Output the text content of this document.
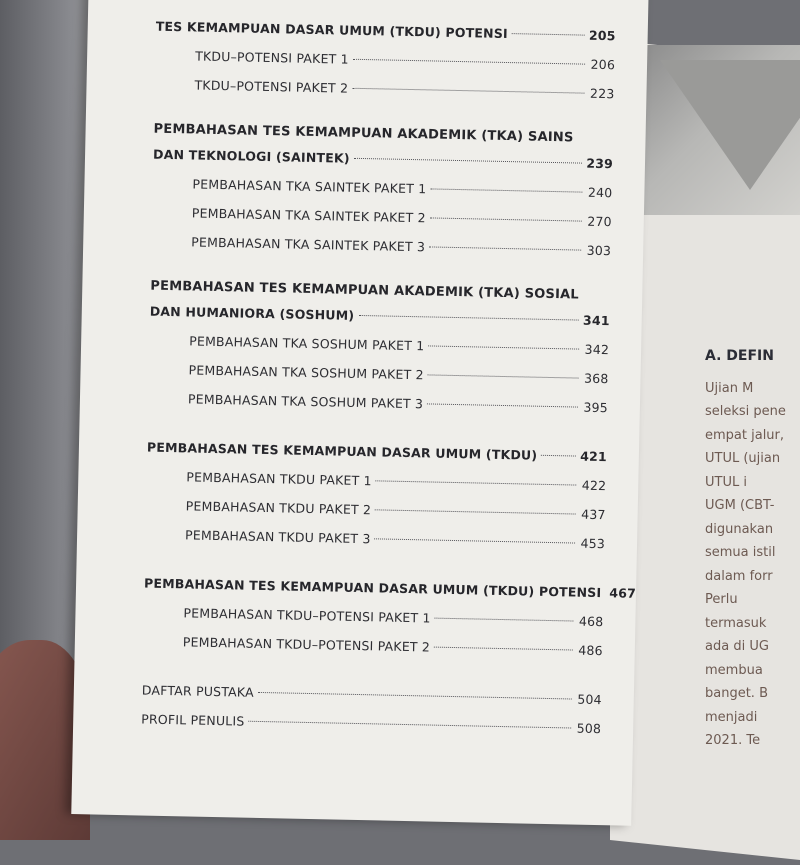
A. DEFIN
Ujian M
seleksi pene
empat jalur,
UTUL (ujian
UTUL i
UGM (CBT-
digunakan
semua istil
dalam forr
Perlu
termasuk
ada di UG
membua
banget. B
menjadi
2021. Te
TES KEMAMPUAN DASAR UMUM (TKDU) POTENSI	205
TKDU–POTENSI PAKET 1	206
TKDU–POTENSI PAKET 2	223
PEMBAHASAN TES KEMAMPUAN AKADEMIK (TKA) SAINS
DAN TEKNOLOGI (SAINTEK)	239
PEMBAHASAN TKA SAINTEK PAKET 1	240
PEMBAHASAN TKA SAINTEK PAKET 2	270
PEMBAHASAN TKA SAINTEK PAKET 3	303
PEMBAHASAN TES KEMAMPUAN AKADEMIK (TKA) SOSIAL
DAN HUMANIORA (SOSHUM)	341
PEMBAHASAN TKA SOSHUM PAKET 1	342
PEMBAHASAN TKA SOSHUM PAKET 2	368
PEMBAHASAN TKA SOSHUM PAKET 3	395
PEMBAHASAN TES KEMAMPUAN DASAR UMUM (TKDU)	421
PEMBAHASAN TKDU PAKET 1	422
PEMBAHASAN TKDU PAKET 2	437
PEMBAHASAN TKDU PAKET 3	453
PEMBAHASAN TES KEMAMPUAN DASAR UMUM (TKDU) POTENSI 467
PEMBAHASAN TKDU–POTENSI PAKET 1	468
PEMBAHASAN TKDU–POTENSI PAKET 2	486
DAFTAR PUSTAKA	504
PROFIL PENULIS	508
